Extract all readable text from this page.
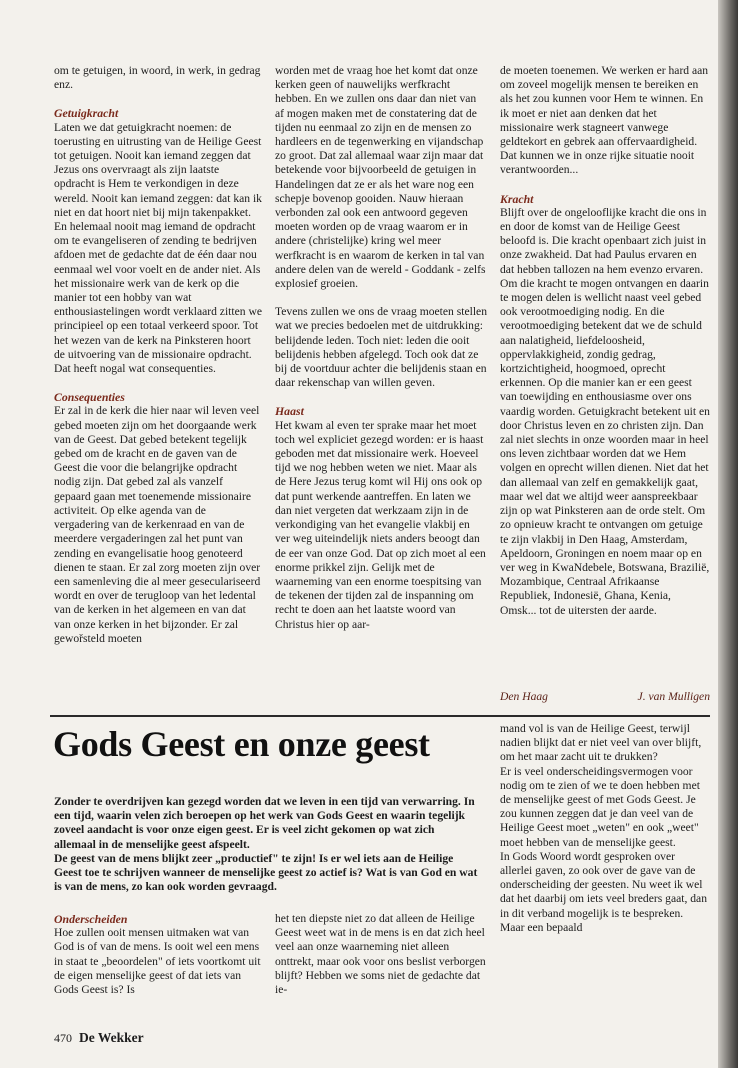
om te getuigen, in woord, in werk, in gedrag enz.

Getuigkracht

Laten we dat getuigkracht noemen: de toerusting en uitrusting van de Heilige Geest tot getuigen. Nooit kan iemand zeggen dat Jezus ons overvraagt als zijn laatste opdracht is Hem te verkondigen in deze wereld. Nooit kan iemand zeggen: dat kan ik niet en dat hoort niet bij mijn takenpakket. En helemaal nooit mag iemand de opdracht om te evangeliseren of zending te bedrijven afdoen met de gedachte dat de één daar nou eenmaal wel voor voelt en de ander niet. Als het missionaire werk van de kerk op die manier tot een hobby van wat enthousiastelingen wordt verklaard zitten we principieel op een totaal verkeerd spoor. Tot het wezen van de kerk na Pinksteren hoort de uitvoering van de missionaire opdracht. Dat heeft nogal wat consequenties.

Consequenties

Er zal in de kerk die hier naar wil leven veel gebed moeten zijn om het doorgaande werk van de Geest. Dat gebed betekent tegelijk gebed om de kracht en de gaven van de Geest die voor die belangrijke opdracht nodig zijn. Dat gebed zal als vanzelf gepaard gaan met toenemende missionaire activiteit. Op elke agenda van de vergadering van de kerkenraad en van de meerdere vergaderingen zal het punt van zending en evangelisatie hoog genoteerd dienen te staan. Er zal zorg moeten zijn over een samenleving die al meer geseculariseerd wordt en over de terugloop van het ledental van de kerken in het algemeen en van dat van onze kerken in het bijzonder. Er zal gewořsteld moeten

worden met de vraag hoe het komt dat onze kerken geen of nauwelijks werfkracht hebben. En we zullen ons daar dan niet van af mogen maken met de constatering dat de tijden nu eenmaal zo zijn en de mensen zo hardleers en de tegenwerking en vijandschap zo groot. Dat zal allemaal waar zijn maar dat betekende voor bijvoorbeeld de getuigen in Handelingen dat ze er als het ware nog een schepje bovenop gooiden. Nauw hieraan verbonden zal ook een antwoord gegeven moeten worden op de vraag waarom er in andere (christelijke) kring wel meer werfkracht is en waarom de kerken in tal van andere delen van de wereld - Goddank - zelfs explosief groeien.

Tevens zullen we ons de vraag moeten stellen wat we precies bedoelen met de uitdrukking: belijdende leden. Toch niet: leden die ooit belijdenis hebben afgelegd. Toch ook dat ze bij de voortduur achter die belijdenis staan en daar rekenschap van willen geven.

Haast

Het kwam al even ter sprake maar het moet toch wel expliciet gezegd worden: er is haast geboden met dat missionaire werk. Hoeveel tijd we nog hebben weten we niet. Maar als de Here Jezus terug komt wil Hij ons ook op dat punt werkende aantreffen. En laten we dan niet vergeten dat werkzaam zijn in de verkondiging van het evangelie vlakbij en ver weg uiteindelijk niets anders beoogt dan de eer van onze God. Dat op zich moet al een enorme prikkel zijn. Gelijk met de waarneming van een enorme toespitsing van de tekenen der tijden zal de inspanning om recht te doen aan het laatste woord van Christus hier op aar-

de moeten toenemen. We werken er hard aan om zoveel mogelijk mensen te bereiken en als het zou kunnen voor Hem te winnen. En ik moet er niet aan denken dat het missionaire werk stagneert vanwege geldtekort en gebrek aan offervaardigheid. Dat kunnen we in onze rijke situatie nooit verantwoorden...

Kracht

Blijft over de ongelooflijke kracht die ons in en door de komst van de Heilige Geest beloofd is. Die kracht openbaart zich juist in onze zwakheid. Dat had Paulus ervaren en dat hebben tallozen na hem evenzo ervaren. Om die kracht te mogen ontvangen en daarin te mogen delen is wellicht naast veel gebed ook verootmoediging nodig. En die verootmoediging betekent dat we de schuld aan nalatigheid, liefdeloosheid, oppervlakkigheid, zondig gedrag, kortzichtigheid, hoogmoed, oprecht erkennen. Op die manier kan er een geest van toewijding en enthousiasme over ons vaardig worden. Getuigkracht betekent uit en door Christus leven en zo christen zijn. Dan zal niet slechts in onze woorden maar in heel ons leven zichtbaar worden dat we Hem volgen en oprecht willen dienen. Niet dat het dan allemaal van zelf en gemakkelijk gaat, maar wel dat we altijd weer aanspreekbaar zijn op wat Pinksteren aan de orde stelt. Om zo opnieuw kracht te ontvangen om getuige te zijn vlakbij in Den Haag, Amsterdam, Apeldoorn, Groningen en noem maar op en ver weg in KwaNdebele, Botswana, Brazilië, Mozambique, Centraal Afrikaanse Republiek, Indonesië, Ghana, Kenia, Omsk... tot de uitersten der aarde.

Den Haag	J. van Mulligen
Gods Geest en onze geest

Zonder te overdrijven kan gezegd worden dat we leven in een tijd van verwarring. In een tijd, waarin velen zich beroepen op het werk van Gods Geest en waarin tegelijk zoveel aandacht is voor onze eigen geest. Er is veel zicht gekomen op wat zich allemaal in de menselijke geest afspeelt.

De geest van de mens blijkt zeer „productief" te zijn! Is er wel iets aan de Heilige Geest toe te schrijven wanneer de menselijke geest zo actief is? Wat is van God en wat is van de mens, zo kan ook worden gevraagd.

Onderscheiden

Hoe zullen ooit mensen uitmaken wat van God is of van de mens. Is ooit wel een mens in staat te „beoordelen" of iets voortkomt uit de eigen menselijke geest of dat iets van Gods Geest is? Is

het ten diepste niet zo dat alleen de Heilige Geest weet wat in de mens is en dat zich heel veel aan onze waarneming niet alleen onttrekt, maar ook voor ons beslist verborgen blijft? Hebben we soms niet de gedachte dat ie-

mand vol is van de Heilige Geest, terwijl nadien blijkt dat er niet veel van over blijft, om het maar zacht uit te drukken?

Er is veel onderscheidingsvermogen voor nodig om te zien of we te doen hebben met de menselijke geest of met Gods Geest. Je zou kunnen zeggen dat je dan veel van de Heilige Geest moet „weten" en ook „weet" moet hebben van de menselijke geest.

In Gods Woord wordt gesproken over allerlei gaven, zo ook over de gave van de onderscheiding der geesten. Nu weet ik wel dat het daarbij om iets veel breders gaat, dan in dit verband mogelijk is te bespreken. Maar een bepaald

470 De Wekker
